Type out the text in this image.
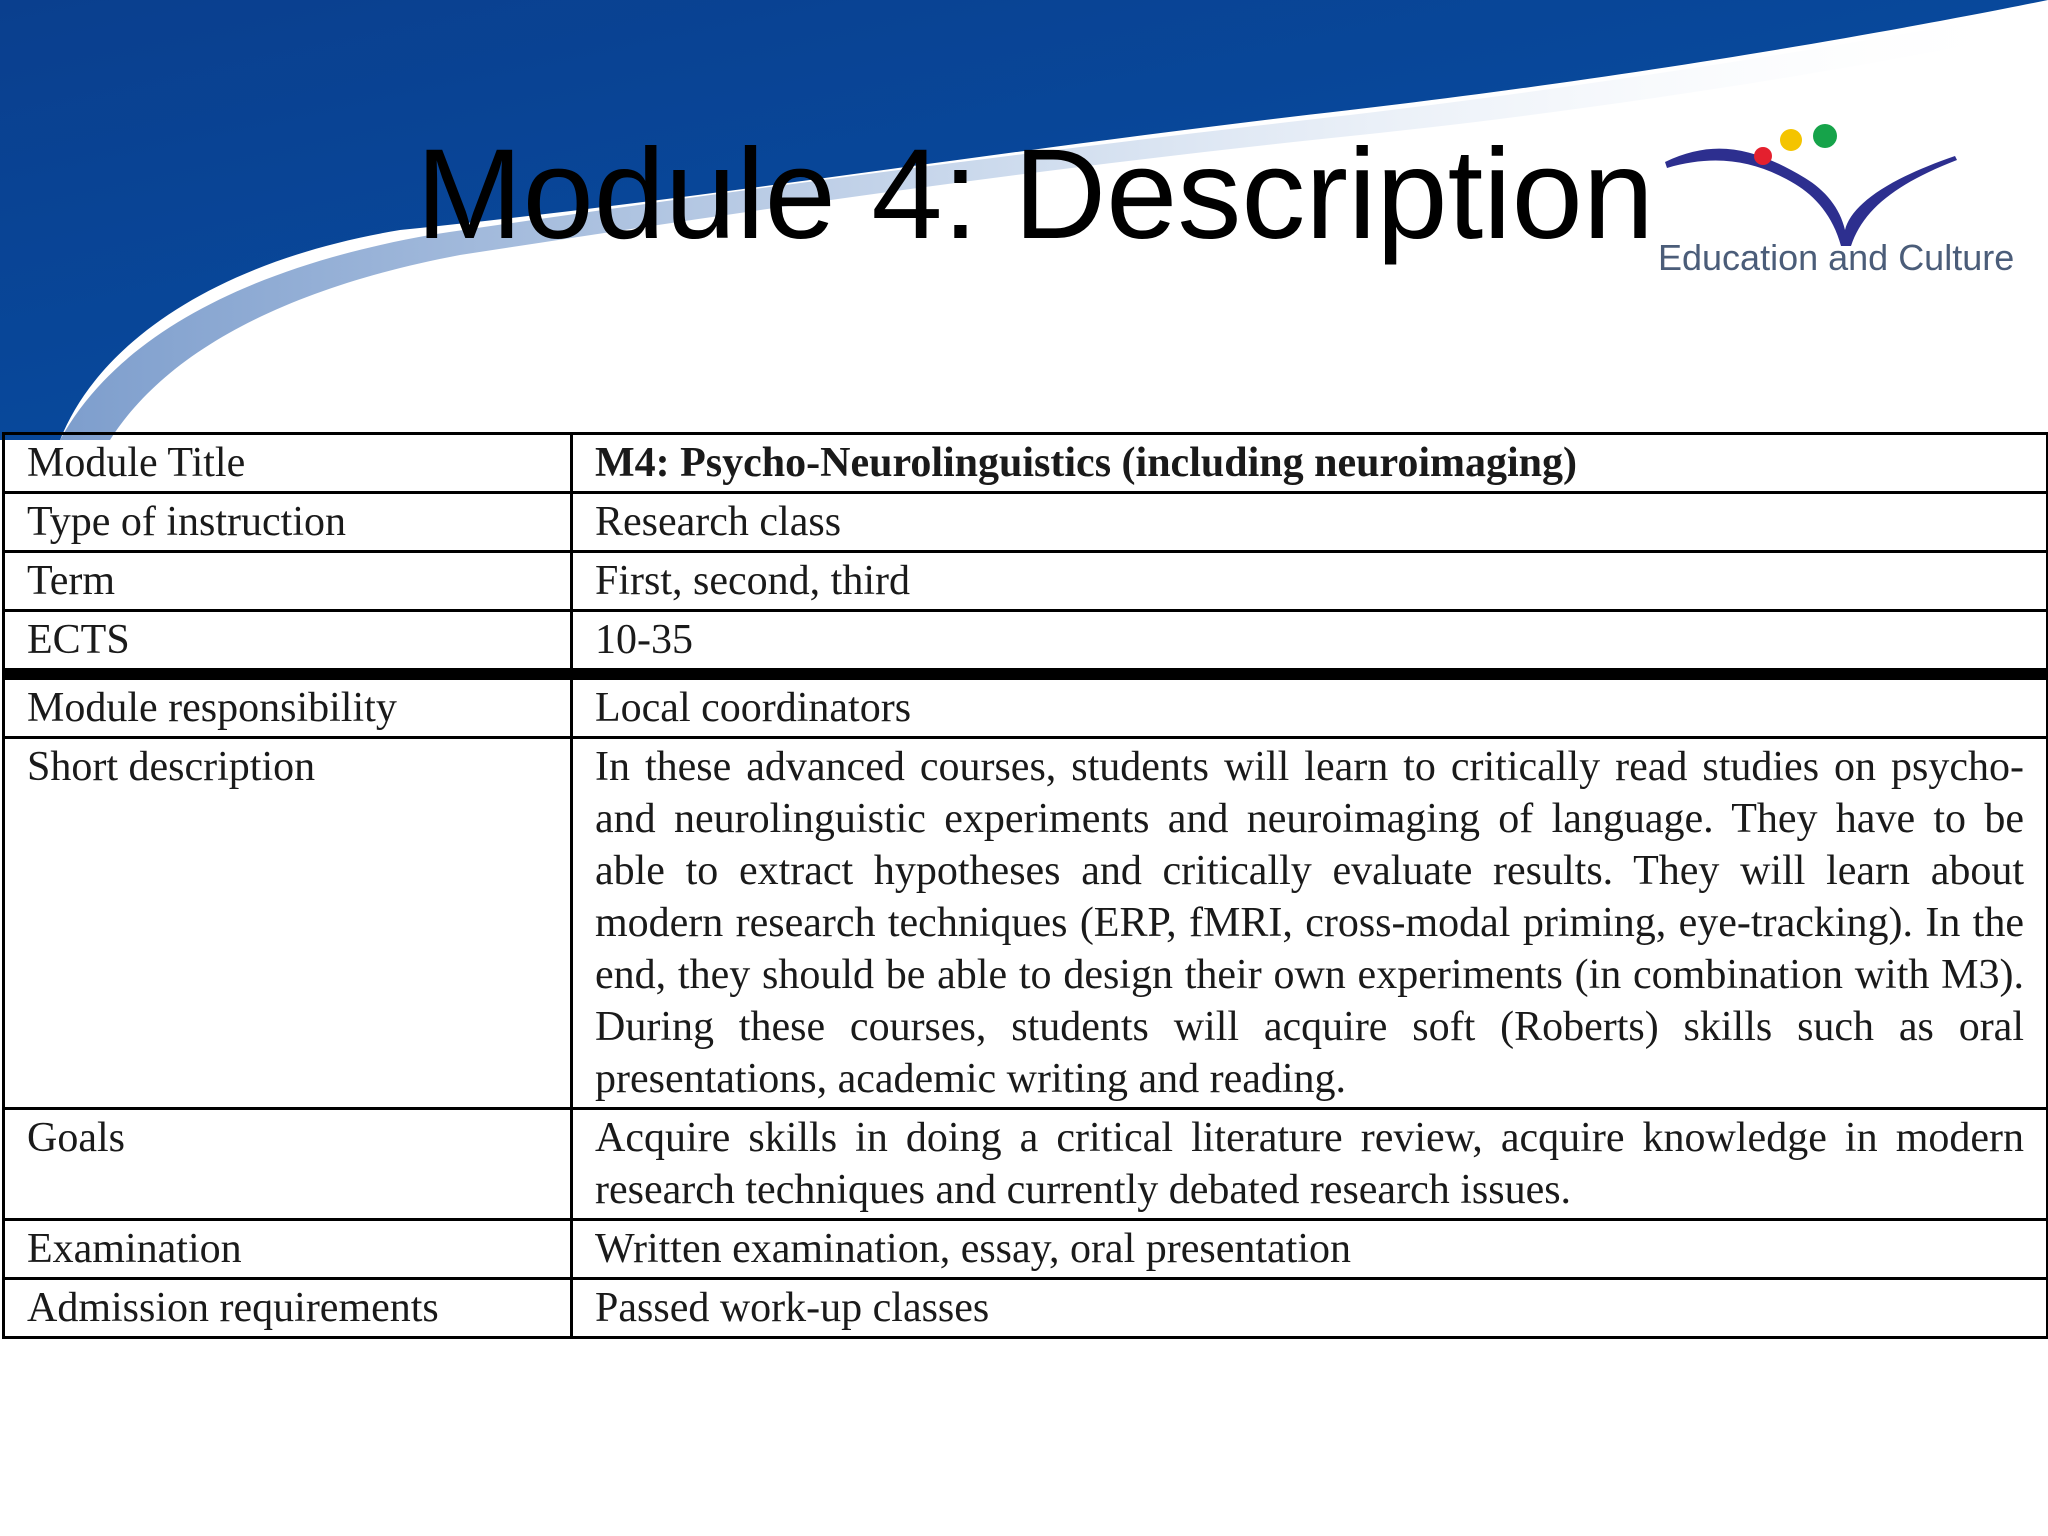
Module 4: Description Education and Culture
Module Title	M4: Psycho-Neurolinguistics (including neuroimaging)
Type of instruction	Research class
Term	First, second, third
ECTS	10-35
Module responsibility	Local coordinators
Short description	In these advanced courses, students will learn to critically read studies on psycho- and neurolinguistic experiments and neuroimaging of language. They have to be able to extract hypotheses and critically evaluate results. They will learn about modern research techniques (ERP, fMRI, cross-modal priming, eye-tracking). In the end, they should be able to design their own experiments (in combination with M3). During these courses, students will acquire soft (Roberts) skills such as oral presentations, academic writing and reading.
Goals	Acquire skills in doing a critical literature review, acquire knowledge in modern research techniques and currently debated research issues.
Examination	Written examination, essay, oral presentation
Admission requirements	Passed work-up classes
